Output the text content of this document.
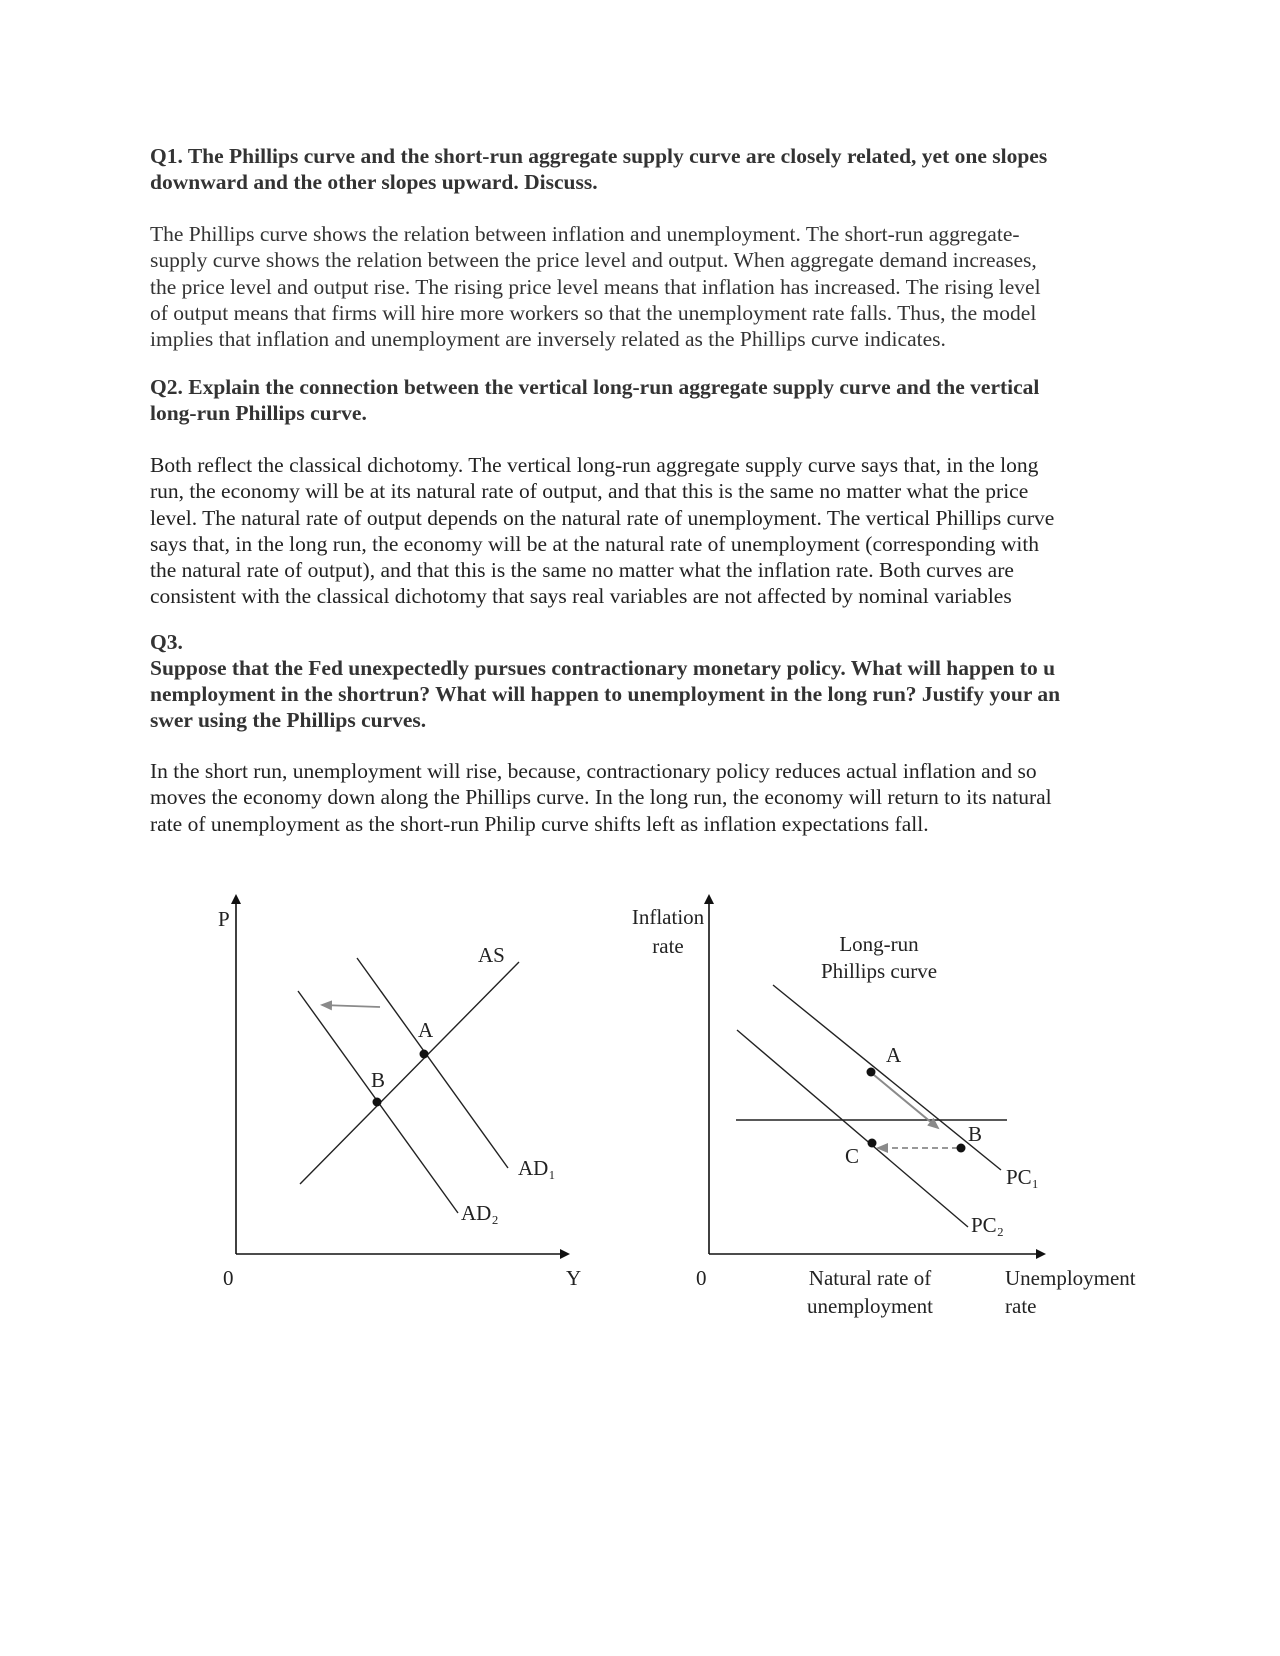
Q1. The Phillips curve and the short-run aggregate supply curve are closely related, yet one slopes
downward and the other slopes upward. Discuss.

The Phillips curve shows the relation between inflation and unemployment. The short-run aggregate-
supply curve shows the relation between the price level and output. When aggregate demand increases,
the price level and output rise. The rising price level means that inflation has increased. The rising level
of output means that firms will hire more workers so that the unemployment rate falls. Thus, the model
implies that inflation and unemployment are inversely related as the Phillips curve indicates.

Q2. Explain the connection between the vertical long-run aggregate supply curve and the vertical
long-run Phillips curve.

Both reflect the classical dichotomy. The vertical long-run aggregate supply curve says that, in the long
run, the economy will be at its natural rate of output, and that this is the same no matter what the price
level. The natural rate of output depends on the natural rate of unemployment. The vertical Phillips curve
says that, in the long run, the economy will be at the natural rate of unemployment (corresponding with
the natural rate of output), and that this is the same no matter what the inflation rate. Both curves are
consistent with the classical dichotomy that says real variables are not affected by nominal variables

Q3.
Suppose that the Fed unexpectedly pursues contractionary monetary policy. What will happen to u
nemployment in the shortrun? What will happen to unemployment in the long run? Justify your an
swer using the Phillips curves.

In the short run, unemployment will rise, because, contractionary policy reduces actual inflation and so
moves the economy down along the Phillips curve. In the long run, the economy will return to its natural
rate of unemployment as the short-run Philip curve shifts left as inflation expectations fall.

P
0	Y
AS
A
B
AD₁
AD₂
Inflation
rate	Long-run
Phillips curve
A
B
C
PC₁
PC₂
0	Natural rate of
unemployment
Unemployment
rate
